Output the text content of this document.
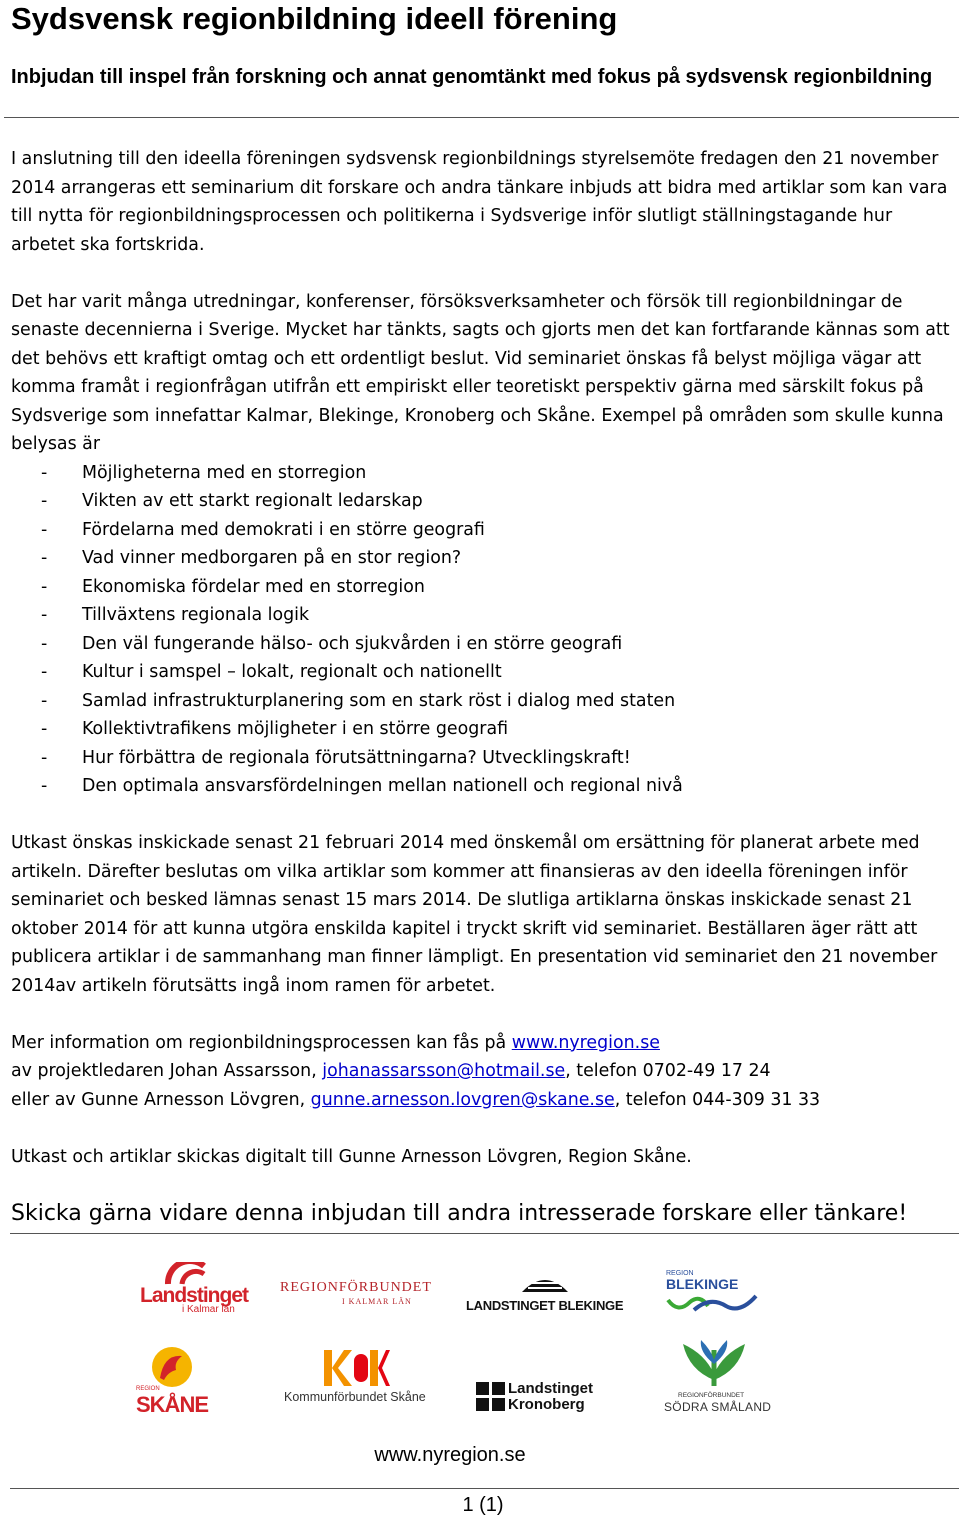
Sydsvensk regionbildning ideell förening
Inbjudan till inspel från forskning och annat genomtänkt med fokus på sydsvensk regionbildning

I anslutning till den ideella föreningen sydsvensk regionbildnings styrelsemöte fredagen den 21 november 2014 arrangeras ett seminarium dit forskare och andra tänkare inbjuds att bidra med artiklar som kan vara till nytta för regionbildningsprocessen och politikerna i Sydsverige inför slutligt ställningstagande hur arbetet ska fortskrida.

Det har varit många utredningar, konferenser, försöksverksamheter och försök till regionbildningar de senaste decennierna i Sverige. Mycket har tänkts, sagts och gjorts men det kan fortfarande kännas som att det behövs ett kraftigt omtag och ett ordentligt beslut. Vid seminariet önskas få belyst möjliga vägar att komma framåt i regionfrågan utifrån ett empiriskt eller teoretiskt perspektiv gärna med särskilt fokus på Sydsverige som innefattar Kalmar, Blekinge, Kronoberg och Skåne. Exempel på områden som skulle kunna belysas är

- Möjligheterna med en storregion
- Vikten av ett starkt regionalt ledarskap
- Fördelarna med demokrati i en större geografi
- Vad vinner medborgaren på en stor region?
- Ekonomiska fördelar med en storregion
- Tillväxtens regionala logik
- Den väl fungerande hälso- och sjukvården i en större geografi
- Kultur i samspel – lokalt, regionalt och nationellt
- Samlad infrastrukturplanering som en stark röst i dialog med staten
- Kollektivtrafikens möjligheter i en större geografi
- Hur förbättra de regionala förutsättningarna? Utvecklingskraft!
- Den optimala ansvarsfördelningen mellan nationell och regional nivå

Utkast önskas inskickade senast 21 februari 2014 med önskemål om ersättning för planerat arbete med artikeln. Därefter beslutas om vilka artiklar som kommer att finansieras av den ideella föreningen inför seminariet och besked lämnas senast 15 mars 2014. De slutliga artiklarna önskas inskickade senast 21 oktober 2014 för att kunna utgöra enskilda kapitel i tryckt skrift vid seminariet. Beställaren äger rätt att publicera artiklar i de sammanhang man finner lämpligt. En presentation vid seminariet den 21 november 2014av artikeln förutsätts ingå inom ramen för arbetet.

Mer information om regionbildningsprocessen kan fås på www.nyregion.se

av projektledaren Johan Assarsson, johanassarsson@hotmail.se, telefon 0702-49 17 24

eller av Gunne Arnesson Lövgren, gunne.arnesson.lovgren@skane.se, telefon 044-309 31 33

Utkast och artiklar skickas digitalt till Gunne Arnesson Lövgren, Region Skåne.

Skicka gärna vidare denna inbjudan till andra intresserade forskare eller tänkare!

Landstinget
i Kalmar län
REGIONFÖRBUNDET
I KALMAR LÄN	LANDSTINGET BLEKINGE
REGION
BLEKINGE
REGION
SKÅNE	Kommunförbundet Skåne	Landstinget
Kronoberg
REGIONFÖRBUNDET
SÖDRA SMÅLAND
www.nyregion.se
1 (1)
